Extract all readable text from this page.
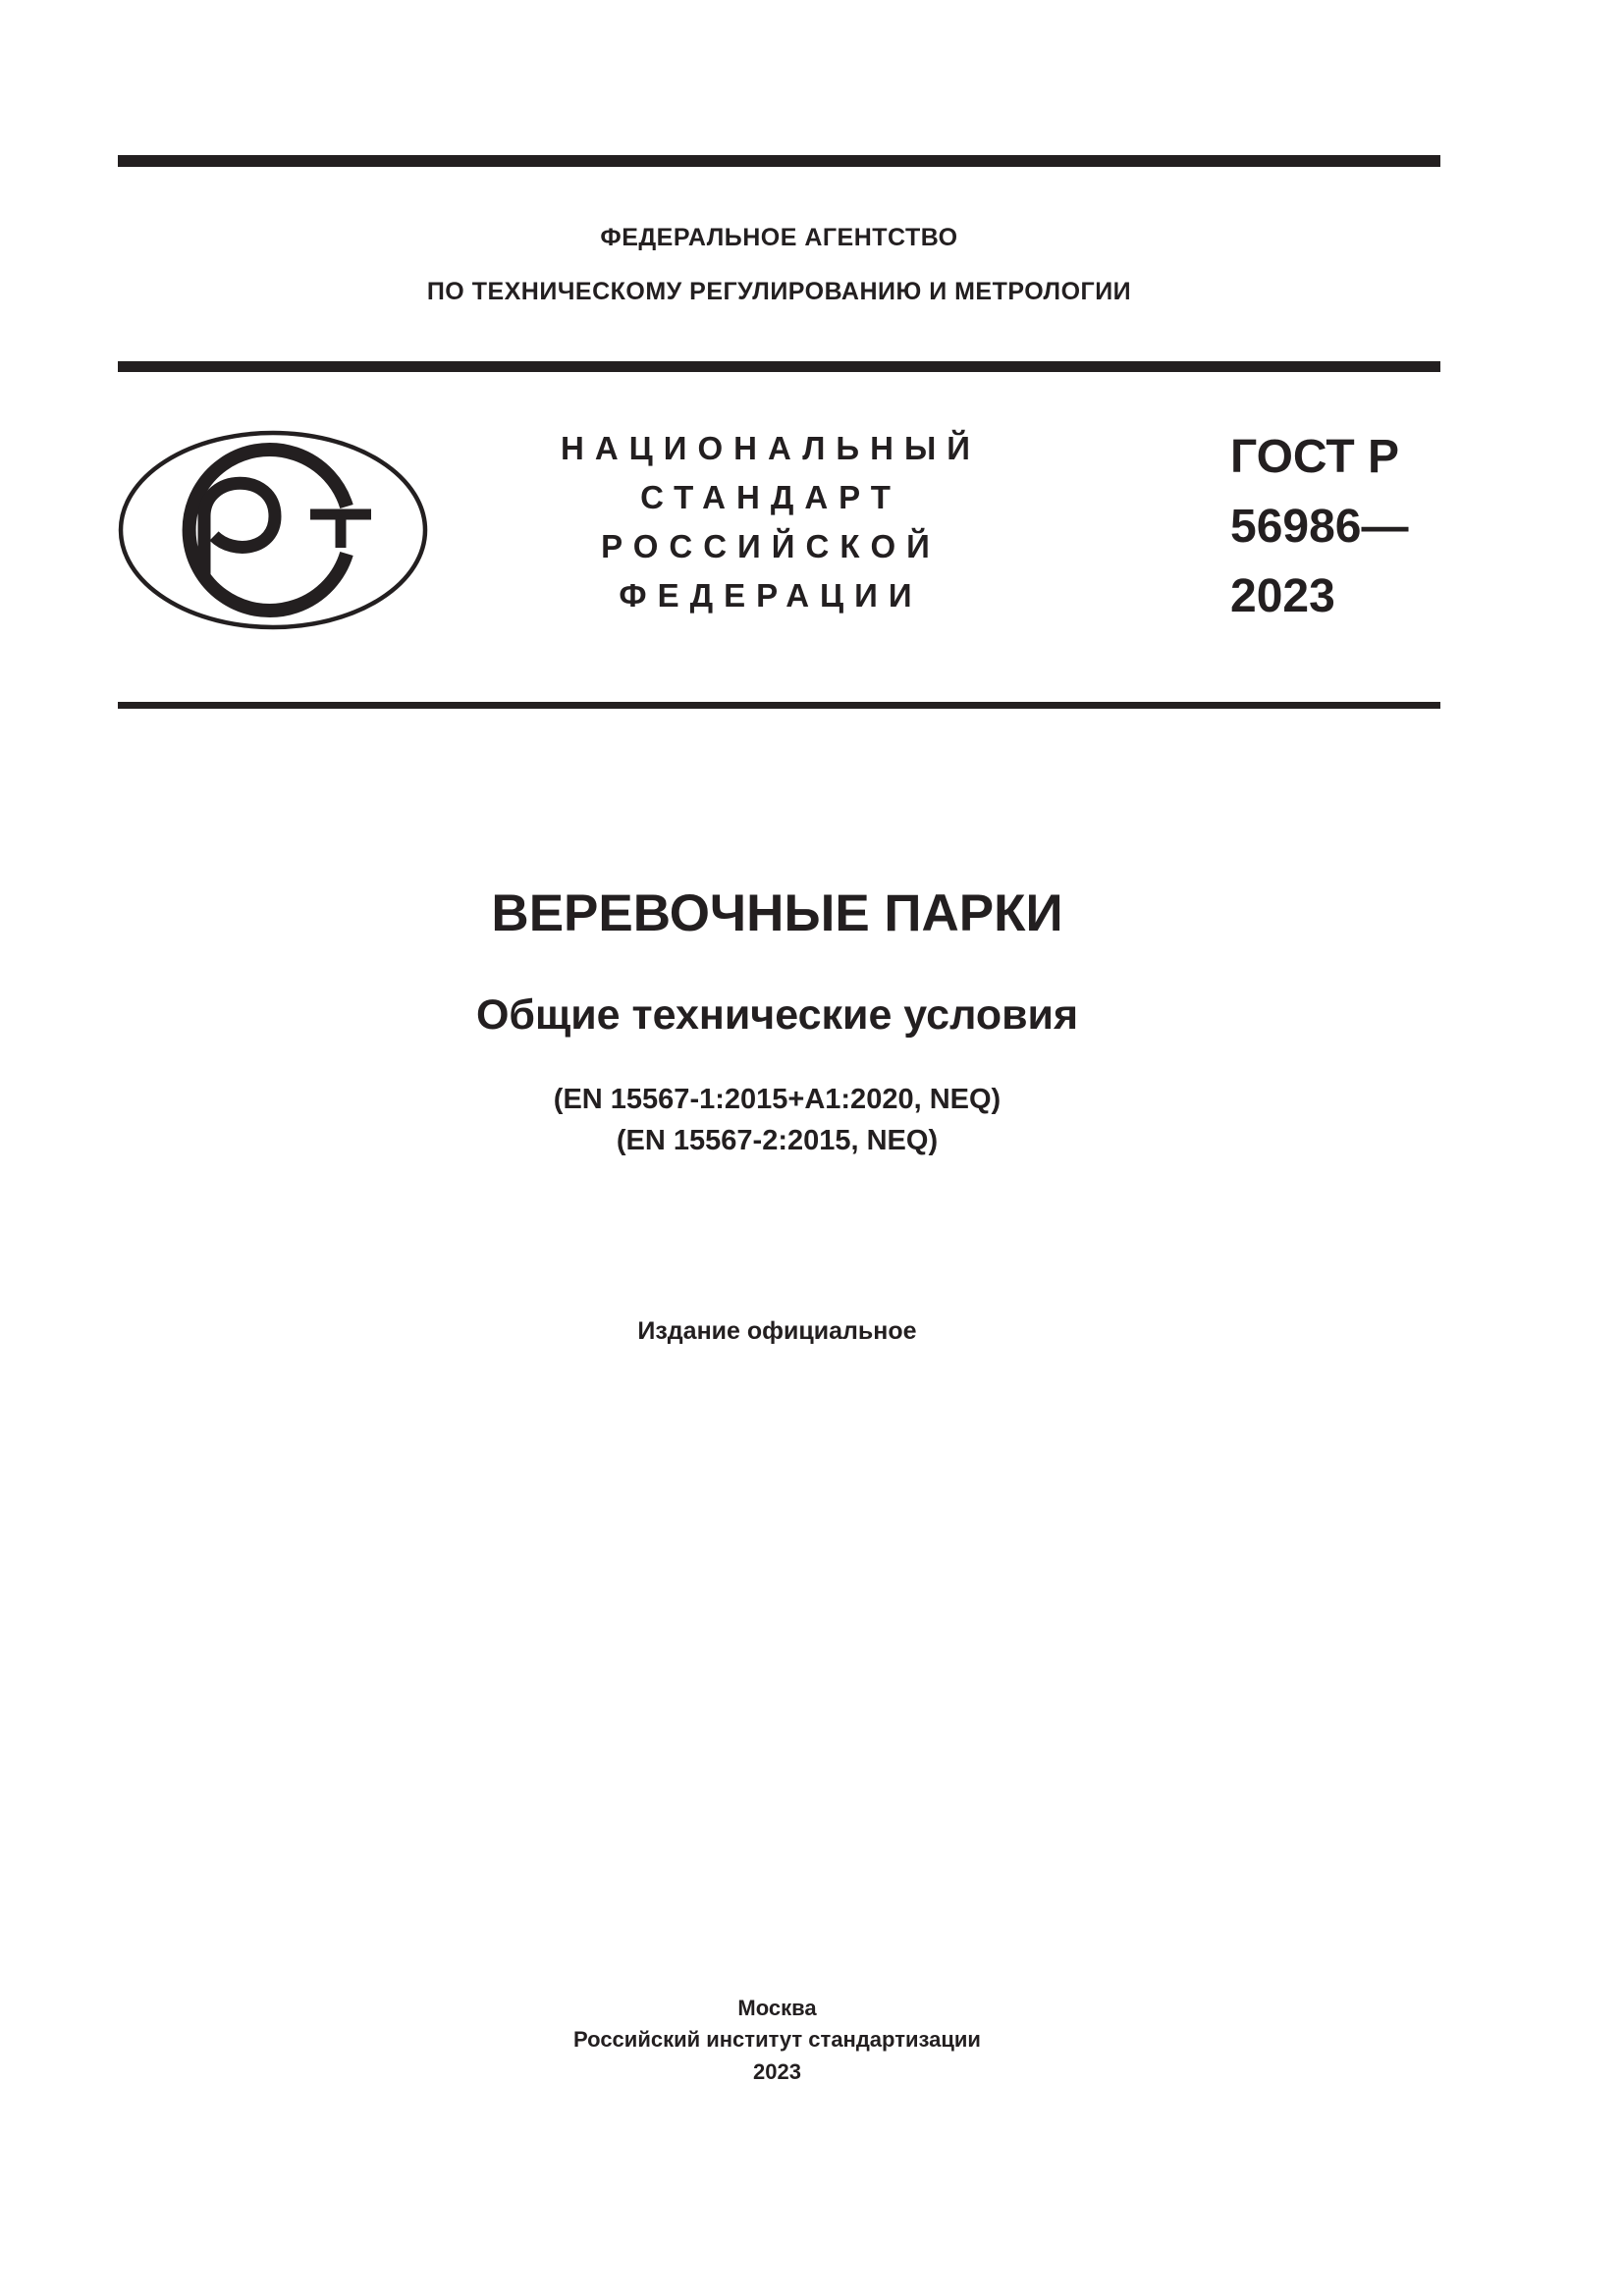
ФЕДЕРАЛЬНОЕ АГЕНТСТВО
ПО ТЕХНИЧЕСКОМУ РЕГУЛИРОВАНИЮ И МЕТРОЛОГИИ
НАЦИОНАЛЬНЫЙ
СТАНДАРТ
РОССИЙСКОЙ
ФЕДЕРАЦИИ
ГОСТ Р
56986—
2023
ВЕРЕВОЧНЫЕ ПАРКИ
Общие технические условия
(EN 15567-1:2015+A1:2020, NEQ)
(EN 15567-2:2015, NEQ)
Издание официальное
Москва
Российский институт стандартизации
2023
